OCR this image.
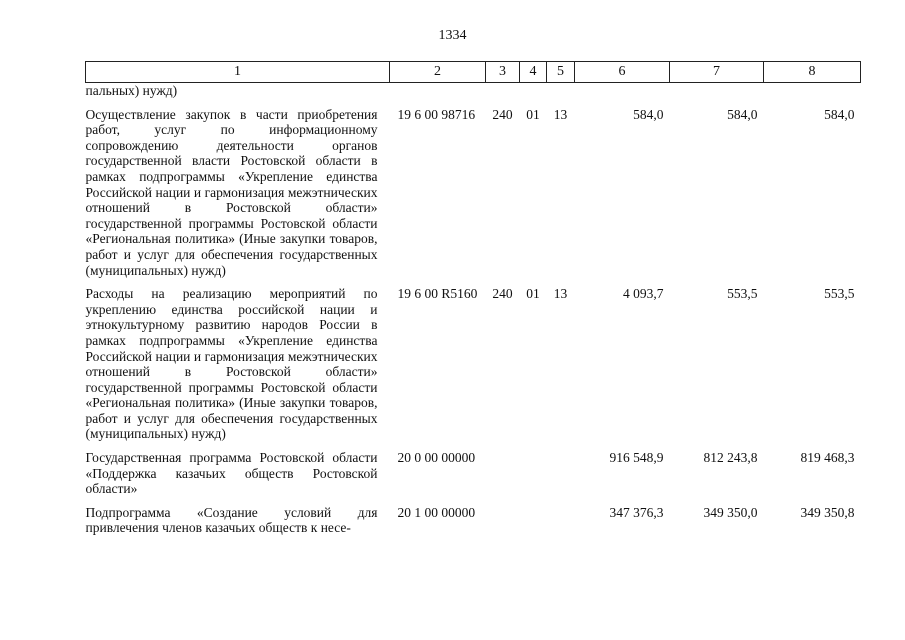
1334
1	2	3	4	5	6	7	8
пальных) нужд)							

Осуществление закупок в части приобретения работ, услуг по информационному сопровождению деятельности органов государственной власти Ростовской области в рамках подпрограммы «Укрепление единства Российской нации и гармонизация межэтнических отношений в Ростовской области» государственной программы Ростовской области «Региональная политика» (Иные закупки товаров, работ и услуг для обеспечения государственных (муниципальных) нужд)	19 6 00 98716	240	01	13	584,0	584,0	584,0

Расходы на реализацию мероприятий по укреплению единства российской нации и этнокультурному развитию народов России в рамках подпрограммы «Укрепление единства Российской нации и гармонизация межэтнических отношений в Ростовской области» государственной программы Ростовской области «Региональная политика» (Иные закупки товаров, работ и услуг для обеспечения государственных (муниципальных) нужд)	19 6 00 R5160	240	01	13	4 093,7	553,5	553,5

Государственная программа Ростовской области «Поддержка казачьих обществ Ростовской области»	20 0 00 00000				916 548,9	812 243,8	819 468,3

Подпрограмма «Создание условий для привлечения членов казачьих обществ к несе-	20 1 00 00000				347 376,3	349 350,0	349 350,8
